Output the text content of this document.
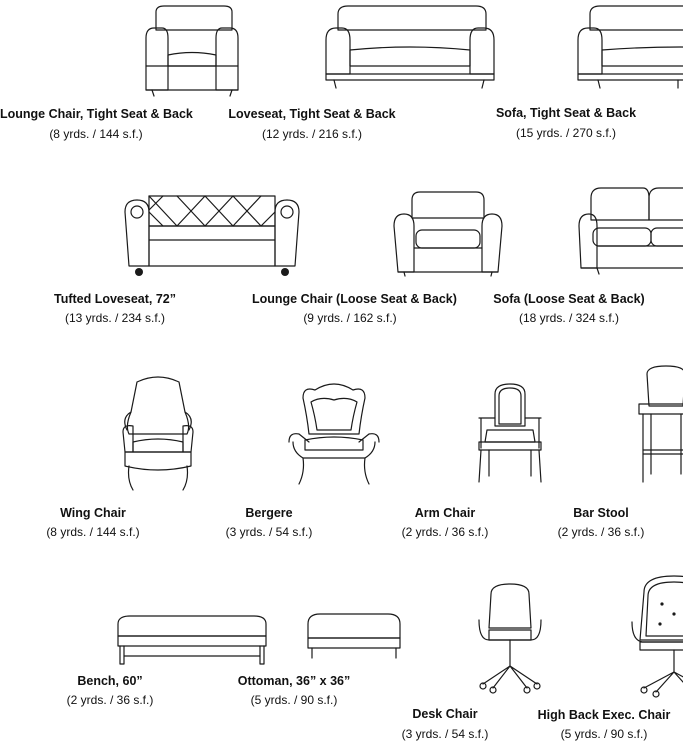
Lounge Chair, Tight Seat & Back
(8 yrds. / 144 s.f.)
Loveseat, Tight Seat & Back
(12 yrds. / 216 s.f.)
Sofa, Tight Seat & Back
(15 yrds. / 270 s.f.)
Tufted Loveseat, 72”
(13 yrds. / 234 s.f.)
Lounge Chair (Loose Seat & Back)
(9 yrds. / 162 s.f.)
Sofa (Loose Seat & Back)
(18 yrds. / 324 s.f.)
Wing Chair
(8 yrds. / 144 s.f.)
Bergere
(3 yrds. / 54 s.f.)
Arm Chair
(2 yrds. / 36 s.f.)
Bar Stool
(2 yrds. / 36 s.f.)
Bench, 60”
(2 yrds. / 36 s.f.)
Ottoman, 36” x 36”
(5 yrds. / 90 s.f.)
Desk Chair
(3 yrds. / 54 s.f.)
High Back Exec. Chair
(5 yrds. / 90 s.f.)
